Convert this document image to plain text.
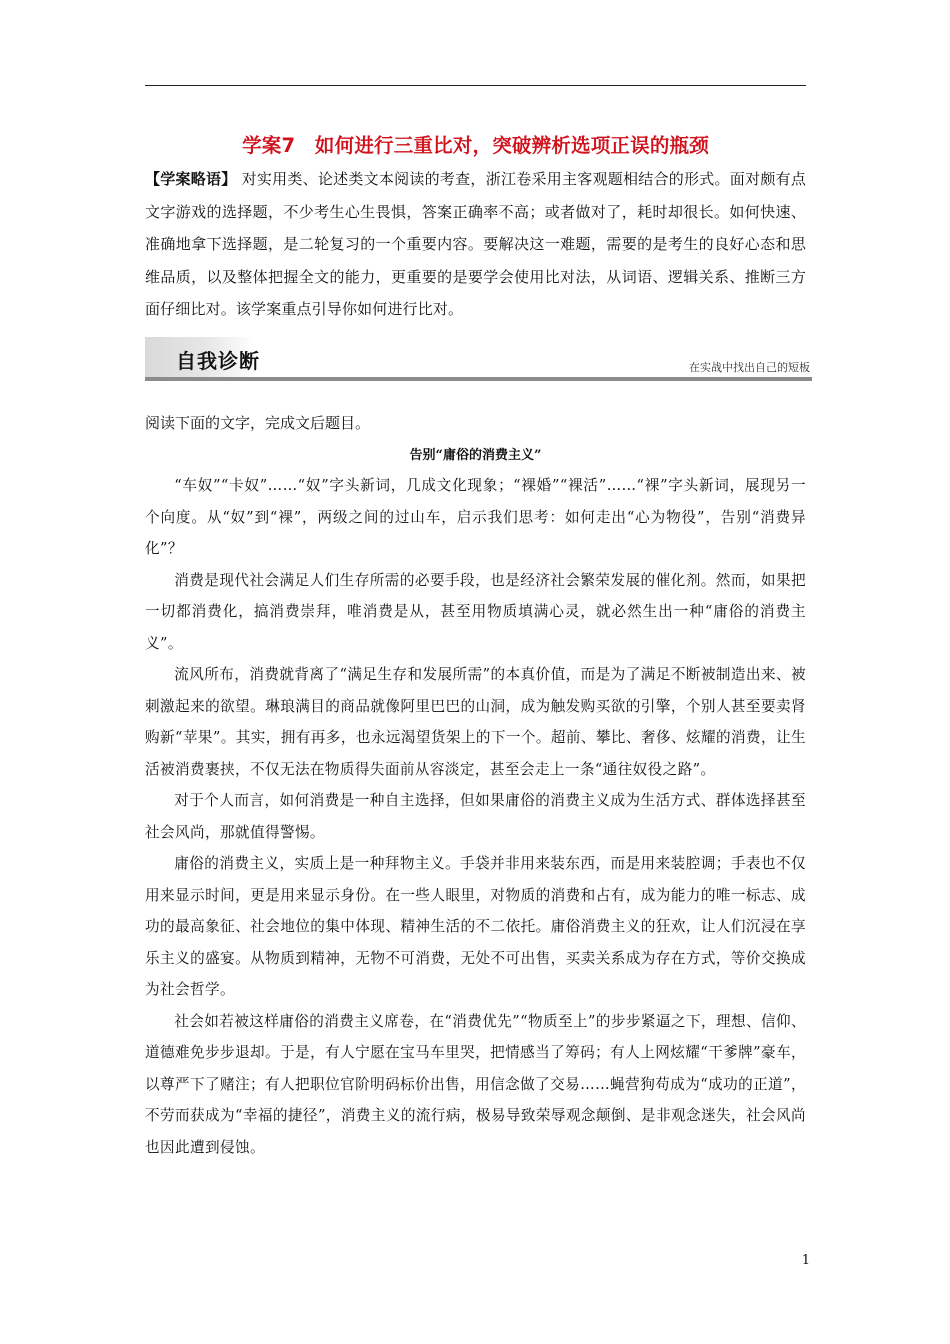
学案7　如何进行三重比对，突破辨析选项正误的瓶颈
【学案略语】 对实用类、论述类文本阅读的考查，浙江卷采用主客观题相结合的形式。面对颇有点文字游戏的选择题，不少考生心生畏惧，答案正确率不高；或者做对了，耗时却很长。如何快速、准确地拿下选择题，是二轮复习的一个重要内容。要解决这一难题，需要的是考生的良好心态和思维品质，以及整体把握全文的能力，更重要的是要学会使用比对法，从词语、逻辑关系、推断三方面仔细比对。该学案重点引导你如何进行比对。
自我诊断	在实战中找出自己的短板
阅读下面的文字，完成文后题目。
告别“庸俗的消费主义”

“车奴”“卡奴”……“奴”字头新词，几成文化现象；“裸婚”“裸活”……“裸”字头新词，展现另一个向度。从“奴”到“裸”，两级之间的过山车，启示我们思考：如何走出“心为物役”，告别“消费异化”？

消费是现代社会满足人们生存所需的必要手段，也是经济社会繁荣发展的催化剂。然而，如果把一切都消费化，搞消费崇拜，唯消费是从，甚至用物质填满心灵，就必然生出一种“庸俗的消费主义”。

流风所布，消费就背离了“满足生存和发展所需”的本真价值，而是为了满足不断被制造出来、被刺激起来的欲望。琳琅满目的商品就像阿里巴巴的山洞，成为触发购买欲的引擎，个别人甚至要卖肾购新“苹果”。其实，拥有再多，也永远渴望货架上的下一个。超前、攀比、奢侈、炫耀的消费，让生活被消费裹挟，不仅无法在物质得失面前从容淡定，甚至会走上一条“通往奴役之路”。

对于个人而言，如何消费是一种自主选择，但如果庸俗的消费主义成为生活方式、群体选择甚至社会风尚，那就值得警惕。

庸俗的消费主义，实质上是一种拜物主义。手袋并非用来装东西，而是用来装腔调；手表也不仅用来显示时间，更是用来显示身份。在一些人眼里，对物质的消费和占有，成为能力的唯一标志、成功的最高象征、社会地位的集中体现、精神生活的不二依托。庸俗消费主义的狂欢，让人们沉浸在享乐主义的盛宴。从物质到精神，无物不可消费，无处不可出售，买卖关系成为存在方式，等价交换成为社会哲学。

社会如若被这样庸俗的消费主义席卷，在“消费优先”“物质至上”的步步紧逼之下，理想、信仰、道德难免步步退却。于是，有人宁愿在宝马车里哭，把情感当了筹码；有人上网炫耀“干爹牌”豪车，以尊严下了赌注；有人把职位官阶明码标价出售，用信念做了交易……蝇营狗苟成为“成功的正道”，不劳而获成为“幸福的捷径”，消费主义的流行病，极易导致荣辱观念颠倒、是非观念迷失，社会风尚也因此遭到侵蚀。

1
